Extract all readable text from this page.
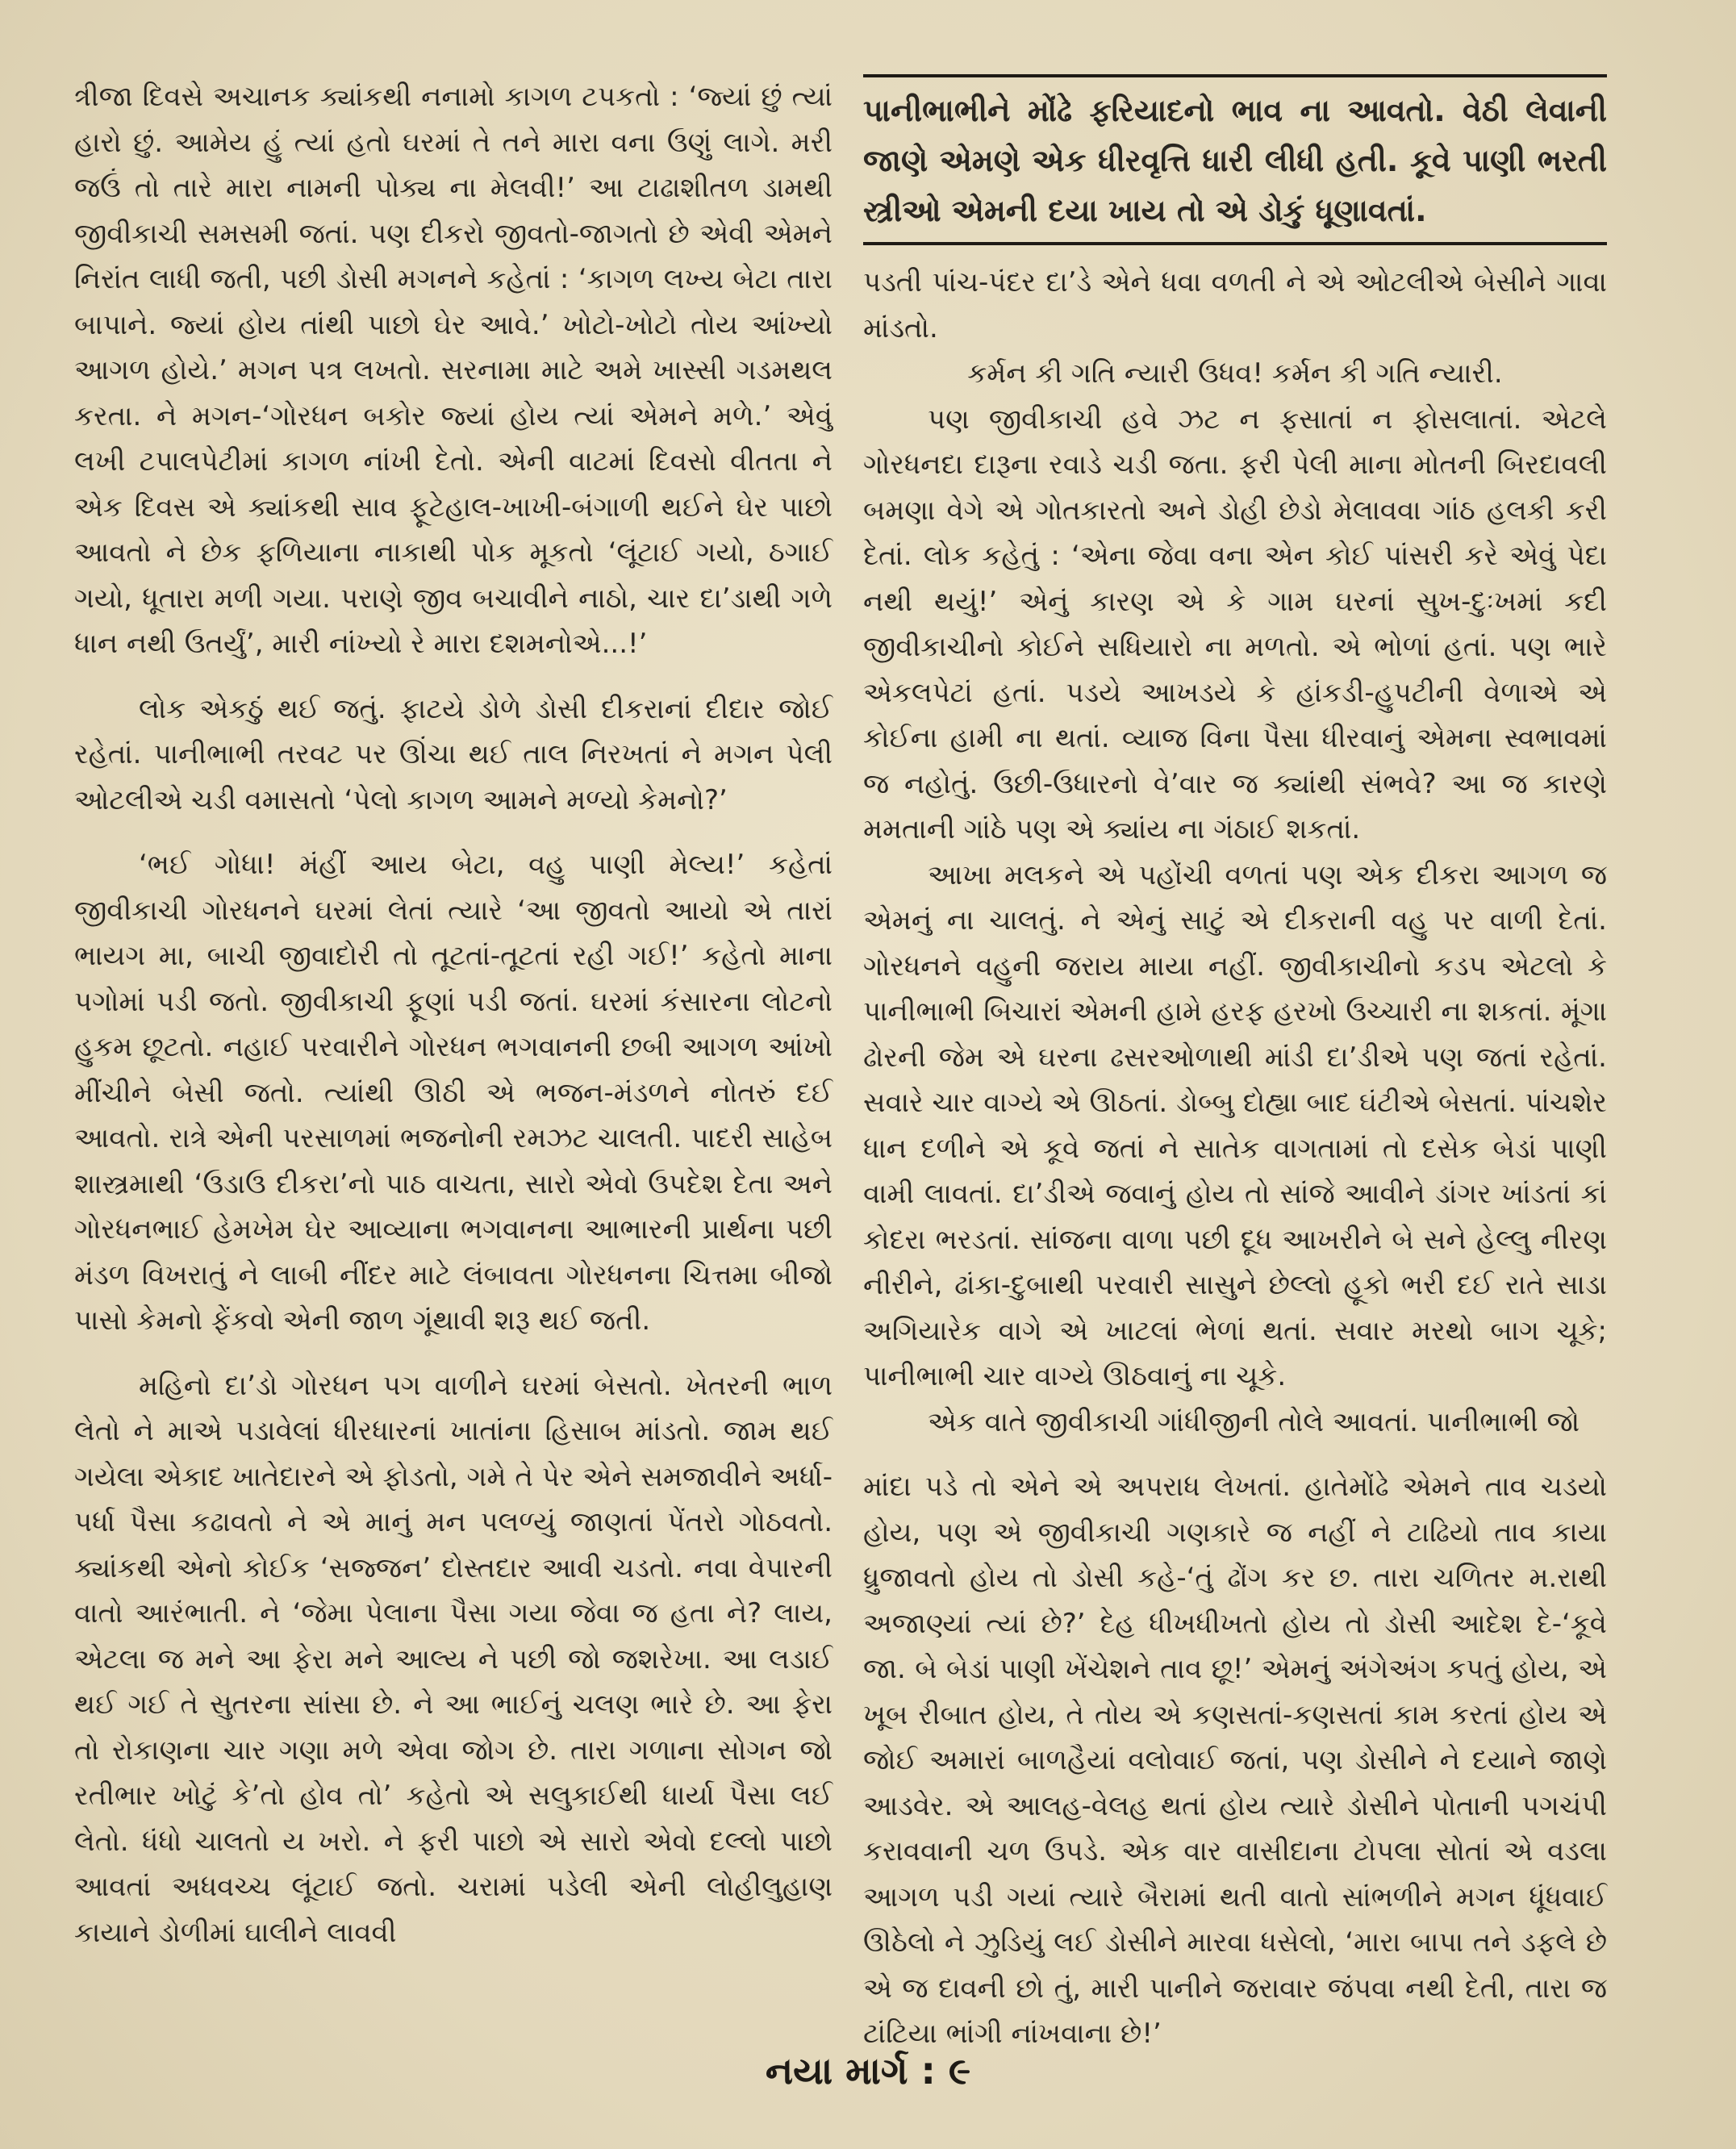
ત્રીજા દિવસે અચાનક ક્યાંકથી નનામો કાગળ ટપકતો : ‘જ્યાં છું ત્યાં હારો છું. આમેય હું ત્યાં હતો ઘરમાં તે તને મારા વના ઉણું લાગે. મરી જઉં તો તારે મારા નામની પોક્ય ના મેલવી!’ આ ટાઢાશીતળ ડામથી જીવીકાચી સમસમી જતાં. પણ દીકરો જીવતો-જાગતો છે એવી એમને નિરાંત લાધી જતી, પછી ડોસી મગનને કહેતાં : ‘કાગળ લખ્ય બેટા તારા બાપાને. જ્યાં હોય તાંથી પાછો ઘેર આવે.’ ખોટો-ખોટો તોય આંખ્યો આગળ હોયે.’ મગન પત્ર લખતો. સરનામા માટે અમે ખાસ્સી ગડમથલ કરતા. ને મગન-‘ગોરધન બકોર જ્યાં હોય ત્યાં એમને મળે.’ એવું લખી ટપાલપેટીમાં કાગળ નાંખી દેતો. એની વાટમાં દિવસો વીતતા ને એક દિવસ એ ક્યાંકથી સાવ ફૂટેહાલ-ખાખી-બંગાળી થઈને ઘેર પાછો આવતો ને છેક ફળિયાના નાકાથી પોક મૂકતો ‘લૂંટાઈ ગયો, ઠગાઈ ગયો, ધૂતારા મળી ગયા. પરાણે જીવ બચાવીને નાઠો, ચાર દા’ડાથી ગળે ધાન નથી ઉતર્યું’, મારી નાંખ્યો રે મારા દશમનોએ...!’

લોક એકઠું થઈ જતું. ફાટયે ડોળે ડોસી દીકરાનાં દીદાર જોઈ રહેતાં. પાનીભાભી તરવટ પર ઊંચા થઈ તાલ નિરખતાં ને મગન પેલી ઓટલીએ ચડી વમાસતો ‘પેલો કાગળ આમને મળ્યો કેમનો?’

‘ભઈ ગોધા! મંહીં આય બેટા, વહુ પાણી મેલ્ય!’ કહેતાં જીવીકાચી ગોરધનને ઘરમાં લેતાં ત્યારે ‘આ જીવતો આયો એ તારાં ભાયગ મા, બાચી જીવાદોરી તો તૂટતાં-તૂટતાં રહી ગઈ!’ કહેતો માના પગોમાં પડી જતો. જીવીકાચી ફૂણાં પડી જતાં. ઘરમાં કંસારના લોટનો હુકમ છૂટતો. નહાઈ પરવારીને ગોરધન ભગવાનની છબી આગળ આંખો મીંચીને બેસી જતો. ત્યાંથી ઊઠી એ ભજન-મંડળને નોતરું દઈ આવતો. રાત્રે એની પરસાળમાં ભજનોની રમઝટ ચાલતી. પાદરી સાહેબ શાસ્ત્રમાથી ‘ઉડાઉ દીકરા’નો પાઠ વાચતા, સારો એવો ઉપદેશ દેતા અને ગોરધનભાઈ હેમખેમ ઘેર આવ્યાના ભગવાનના આભારની પ્રાર્થના પછી મંડળ વિખરાતું ને લાબી નીંદર માટે લંબાવતા ગોરધનના ચિત્તમા બીજો પાસો કેમનો ફેંકવો એની જાળ ગૂંથાવી શરૂ થઈ જતી.

મહિનો દા’ડો ગોરધન પગ વાળીને ઘરમાં બેસતો. ખેતરની ભાળ લેતો ને માએ પડાવેલાં ધીરધારનાં ખાતાંના હિસાબ માંડતો. જામ થઈ ગયેલા એકાદ ખાતેદારને એ ફોડતો, ગમે તે પેર એને સમજાવીને અર્ધા-પર્ધા પૈસા કઢાવતો ને એ માનું મન પલળ્યું જાણતાં પેંતરો ગોઠવતો. ક્યાંકથી એનો કોઈક ‘સજ્જન’ દોસ્તદાર આવી ચડતો. નવા વેપારની વાતો આરંભાતી. ને ‘જેમા પેલાના પૈસા ગયા જેવા જ હતા ને? લાય, એટલા જ મને આ ફેરા મને આલ્ય ને પછી જો જશરેખા. આ લડાઈ થઈ ગઈ તે સુતરના સાંસા છે. ને આ ભાઈનું ચલણ ભારે છે. આ ફેરા તો રોકાણના ચાર ગણા મળે એવા જોગ છે. તારા ગળાના સોગન જો રતીભાર ખોટું કે’તો હોવ તો’ કહેતો એ સલુકાઈથી ધાર્યા પૈસા લઈ લેતો. ધંધો ચાલતો ય ખરો. ને ફરી પાછો એ સારો એવો દલ્લો પાછો આવતાં અધવચ્ચ લૂંટાઈ જતો. ચરામાં પડેલી એની લોહીલુહાણ કાયાને ડોળીમાં ઘાલીને લાવવી

પાનીભાભીને મોંઢે ફરિયાદનો ભાવ ના આવતો. વેઠી લેવાની જાણે એમણે એક ધીરવૃત્તિ ધારી લીધી હતી. કૂવે પાણી ભરતી સ્ત્રીઓ એમની દયા ખાય તો એ ડોકું ધૂણાવતાં.

પડતી પાંચ-પંદર દા’ડે એને ધવા વળતી ને એ ઓટલીએ બેસીને ગાવા માંડતો.

કર્મન કી ગતિ ન્યારી ઉધવ! કર્મન કી ગતિ ન્યારી.

પણ જીવીકાચી હવે ઝટ ન ફસાતાં ન ફોસલાતાં. એટલે ગોરધનદા દારૂના રવાડે ચડી જતા. ફરી પેલી માના મોતની બિરદાવલી બમણા વેગે એ ગોતકારતો અને ડોહી છેડો મેલાવવા ગાંઠ હલકી કરી દેતાં. લોક કહેતું : ‘એના જેવા વના એન કોઈ પાંસરી કરે એવું પેદા નથી થયું!’ એનું કારણ એ કે ગામ ઘરનાં સુખ-દુઃખમાં કદી જીવીકાચીનો કોઈને સધિયારો ના મળતો. એ ભોળાં હતાં. પણ ભારે એકલપેટાં હતાં. પડયે આખડયે કે હાંકડી-હુપટીની વેળાએ એ કોઈના હામી ના થતાં. વ્યાજ વિના પૈસા ધીરવાનું એમના સ્વભાવમાં જ નહોતું. ઉછી-ઉધારનો વે’વાર જ ક્યાંથી સંભવે? આ જ કારણે મમતાની ગાંઠે પણ એ ક્યાંય ના ગંઠાઈ શકતાં.

આખા મલકને એ પહોંચી વળતાં પણ એક દીકરા આગળ જ એમનું ના ચાલતું. ને એનું સાટું એ દીકરાની વહુ પર વાળી દેતાં. ગોરધનને વહુની જરાય માયા નહીં. જીવીકાચીનો કડપ એટલો કે પાનીભાભી બિચારાં એમની હામે હરફ હરખો ઉચ્ચારી ના શકતાં. મૂંગા ઢોરની જેમ એ ઘરના ઢસરઓળાથી માંડી દા’ડીએ પણ જતાં રહેતાં. સવારે ચાર વાગ્યે એ ઊઠતાં. ડોબ્બુ દોહ્યા બાદ ઘંટીએ બેસતાં. પાંચશેર ધાન દળીને એ કૂવે જતાં ને સાતેક વાગતામાં તો દસેક બેડાં પાણી વામી લાવતાં. દા’ડીએ જવાનું હોય તો સાંજે આવીને ડાંગર ખાંડતાં કાં કોદરા ભરડતાં. સાંજના વાળા પછી દૂધ આખરીને બે સને હેલ્લુ નીરણ નીરીને, ઢાંકા-દુબાથી પરવારી સાસુને છેલ્લો હૂકો ભરી દઈ રાતે સાડા અગિયારેક વાગે એ ખાટલાં ભેળાં થતાં. સવાર મરથો બાગ ચૂકે; પાનીભાભી ચાર વાગ્યે ઊઠવાનું ના ચૂકે.

એક વાતે જીવીકાચી ગાંધીજીની તોલે આવતાં. પાનીભાભી જો

માંદા પડે તો એને એ અપરાધ લેખતાં. હાતેમોંઢે એમને તાવ ચડયો હોય, પણ એ જીવીકાચી ગણકારે જ નહીં ને ટાઢિયો તાવ કાયા ધ્રુજાવતો હોય તો ડોસી કહે-‘તું ઢોંગ કર છ. તારા ચળિતર મ.રાથી અજાણ્યાં ત્યાં છે?’ દેહ ધીખધીખતો હોય તો ડોસી આદેશ દે-‘કૂવે જા. બે બેડાં પાણી ખેંચેશને તાવ છૂ!’ એમનું અંગેઅંગ કપતું હોય, એ ખૂબ રીબાત હોય, તે તોય એ કણસતાં-કણસતાં કામ કરતાં હોય એ જોઈ અમારાં બાળહૈયાં વલોવાઈ જતાં, પણ ડોસીને ને દયાને જાણે આડવેર. એ આલહ-વેલહ થતાં હોય ત્યારે ડોસીને પોતાની પગચંપી કરાવવાની ચળ ઉપડે. એક વાર વાસીદાના ટોપલા સોતાં એ વડલા આગળ પડી ગયાં ત્યારે બૈરામાં થતી વાતો સાંભળીને મગન ધૂંધવાઈ ઊઠેલો ને ઝુડિયું લઈ ડોસીને મારવા ધસેલો, ‘મારા બાપા તને ડફલે છે એ જ દાવની છો તું, મારી પાનીને જરાવાર જંપવા નથી દેતી, તારા જ ટાંટિયા ભાંગી નાંખવાના છે!’

નયા માર્ગ : ૯
